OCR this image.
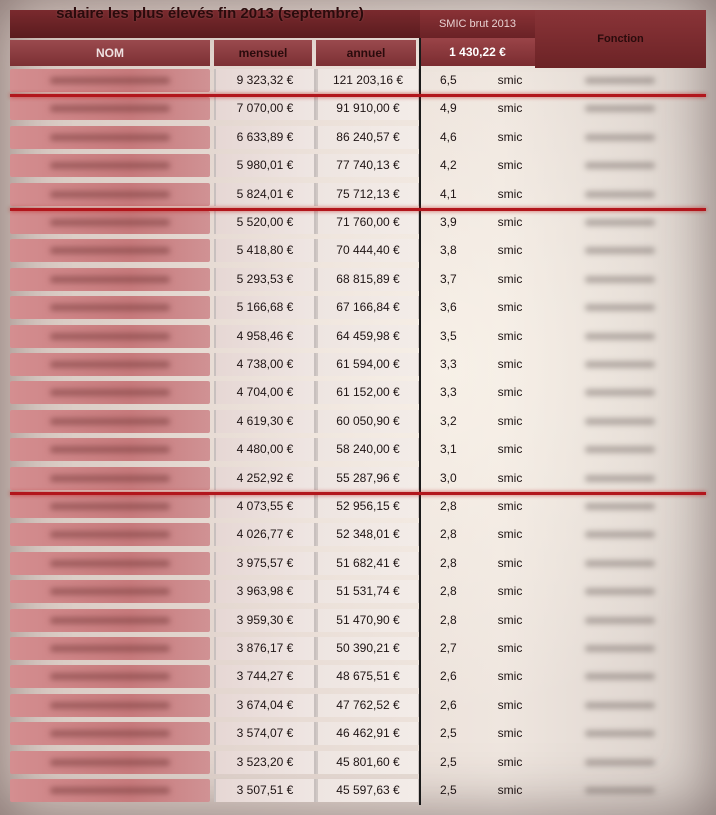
salaire les plus élevés fin 2013 (septembre)
SMIC brut 2013
1 430,22 €
Fonction
NOM	mensuel	annuel
9 323,32 €	121 203,16 €	6,5	smic
7 070,00 €	91 910,00 €	4,9	smic
6 633,89 €	86 240,57 €	4,6	smic
5 980,01 €	77 740,13 €	4,2	smic
5 824,01 €	75 712,13 €	4,1	smic
5 520,00 €	71 760,00 €	3,9	smic
5 418,80 €	70 444,40 €	3,8	smic
5 293,53 €	68 815,89 €	3,7	smic
5 166,68 €	67 166,84 €	3,6	smic
4 958,46 €	64 459,98 €	3,5	smic
4 738,00 €	61 594,00 €	3,3	smic
4 704,00 €	61 152,00 €	3,3	smic
4 619,30 €	60 050,90 €	3,2	smic
4 480,00 €	58 240,00 €	3,1	smic
4 252,92 €	55 287,96 €	3,0	smic
4 073,55 €	52 956,15 €	2,8	smic
4 026,77 €	52 348,01 €	2,8	smic
3 975,57 €	51 682,41 €	2,8	smic
3 963,98 €	51 531,74 €	2,8	smic
3 959,30 €	51 470,90 €	2,8	smic
3 876,17 €	50 390,21 €	2,7	smic
3 744,27 €	48 675,51 €	2,6	smic
3 674,04 €	47 762,52 €	2,6	smic
3 574,07 €	46 462,91 €	2,5	smic
3 523,20 €	45 801,60 €	2,5	smic
3 507,51 €	45 597,63 €	2,5	smic
